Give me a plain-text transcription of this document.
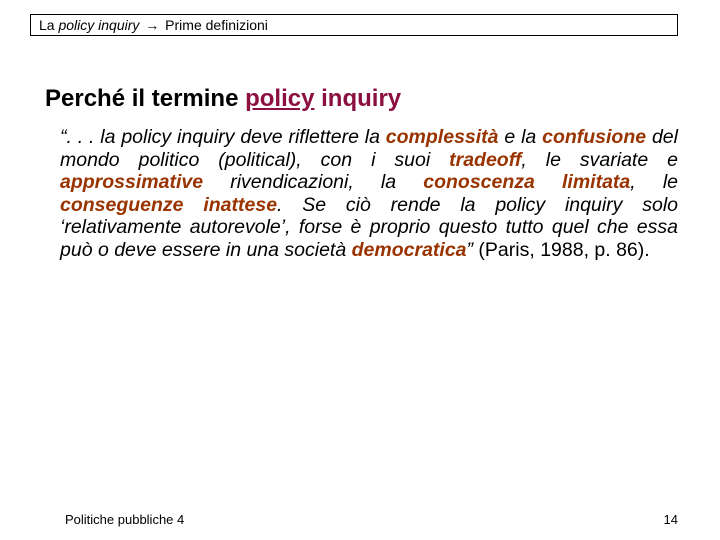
La policy inquiry → Prime definizioni
Perché il termine policy inquiry
“. . . la policy inquiry deve riflettere la complessità e la confusione del mondo politico (political), con i suoi tradeoff, le svariate e approssimative rivendicazioni, la conoscenza limitata, le conseguenze inattese. Se ciò rende la policy inquiry solo ‘relativamente autorevole’, forse è proprio questo tutto quel che essa può o deve essere in una società democratica” (Paris, 1988, p. 86).
Politiche pubbliche 4	14
